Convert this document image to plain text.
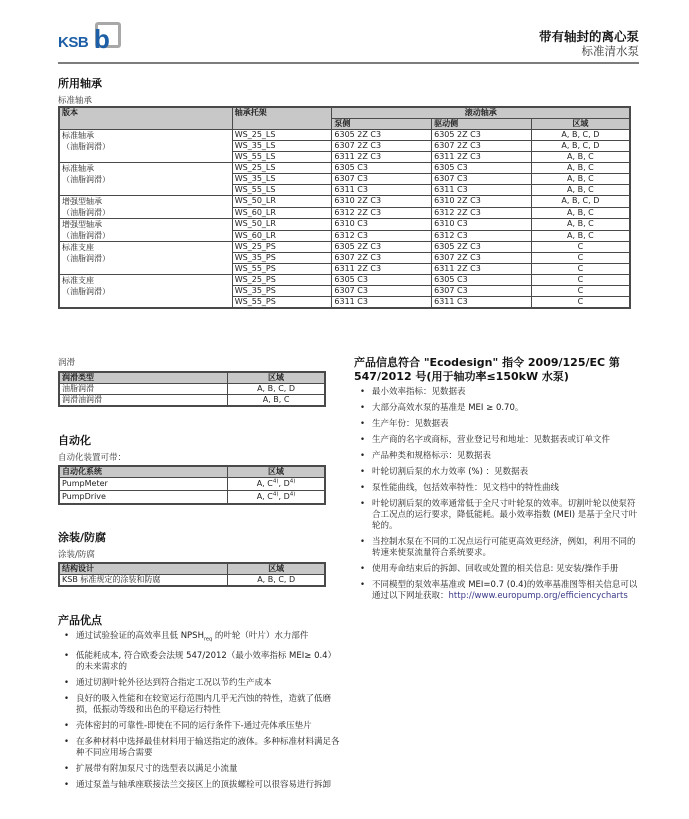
KSB b	带有轴封的离心泵
标准清水泵
所用轴承
标准轴承
版本	轴承托架	滚动轴承		
		泵侧	驱动侧	区域

标准轴承
（油脂润滑）	WS_25_LS	6305 2Z C3	6305 2Z C3	A, B, C, D
	WS_35_LS	6307 2Z C3	6307 2Z C3	A, B, C, D
	WS_55_LS	6311 2Z C3	6311 2Z C3	A, B, C

标准轴承
（油脂润滑）	WS_25_LS	6305 C3	6305 C3	A, B, C
	WS_35_LS	6307 C3	6307 C3	A, B, C
	WS_55_LS	6311 C3	6311 C3	A, B, C

增强型轴承
（油脂润滑）	WS_50_LR	6310 2Z C3	6310 2Z C3	A, B, C, D
	WS_60_LR	6312 2Z C3	6312 2Z C3	A, B, C

增强型轴承
（油脂润滑）	WS_50_LR	6310 C3	6310 C3	A, B, C
	WS_60_LR	6312 C3	6312 C3	A, B, C

标准支座
（油脂润滑）	WS_25_PS	6305 2Z C3	6305 2Z C3	C
	WS_35_PS	6307 2Z C3	6307 2Z C3	C
	WS_55_PS	6311 2Z C3	6311 2Z C3	C

标准支座
（油脂润滑）	WS_25_PS	6305 C3	6305 C3	C
	WS_35_PS	6307 C3	6307 C3	C
	WS_55_PS	6311 C3	6311 C3	C
润滑
润滑类型	区域
油脂润滑	A, B, C, D
润滑油润滑	A, B, C
自动化
自动化装置可带：
自动化系统	区域
PumpMeter	A, $C^{4)}$, $D^{4)}$
PumpDrive	A, $C^{4)}$, $D^{4)}$
涂装/防腐
涂装/防腐
结构设计	区域
KSB 标准规定的涂装和防腐	A, B, C, D
产品优点
• 通过试验验证的高效率且低 $NPSH_{req}$ 的叶轮（叶片）水力部件
• 低能耗成本, 符合欧委会法规 547/2012（最小效率指标 MEI≥ 0.4）的未来需求的
• 通过切割叶轮外径达到符合指定工况以节约生产成本
• 良好的吸入性能和在较宽运行范围内几乎无汽蚀的特性，造就了低磨损，低振动等级和出色的平稳运行特性
• 壳体密封的可靠性-即使在不同的运行条件下-通过壳体承压垫片
• 在多种材料中选择最佳材料用于输送指定的液体。多种标准材料满足各种不同应用场合需要
• 扩展带有附加泵尺寸的选型表以满足小流量
• 通过泵盖与轴承座联接法兰交接区上的顶拔螺栓可以很容易进行拆卸
产品信息符合 "Ecodesign" 指令 2009/125/EC 第 547/2012 号(用于轴功率≤150kW 水泵)
• 最小效率指标：见数据表
• 大部分高效水泵的基准是 MEI ≥ 0.70。
• 生产年份：见数据表
• 生产商的名字或商标，营业登记号和地址：见数据表或订单文件
• 产品种类和规格标示：见数据表
• 叶轮切割后泵的水力效率 (%) ：见数据表
• 泵性能曲线，包括效率特性：见文档中的特性曲线
• 叶轮切割后泵的效率通常低于全尺寸叶轮泵的效率。切割叶轮以使泵符合工况点的运行要求，降低能耗。最小效率指数 (MEI) 是基于全尺寸叶轮的。
• 当控制水泵在不同的工况点运行可能更高效更经济，例如，利用不同的转速来使泵流量符合系统要求。
• 使用寿命结束后的拆卸、回收或处置的相关信息: 见安装/操作手册
• 不同模型的泵效率基准或 MEI=0.7 (0.4)的效率基准图等相关信息可以通过以下网址获取：http://www.europump.org/efficiencycharts
